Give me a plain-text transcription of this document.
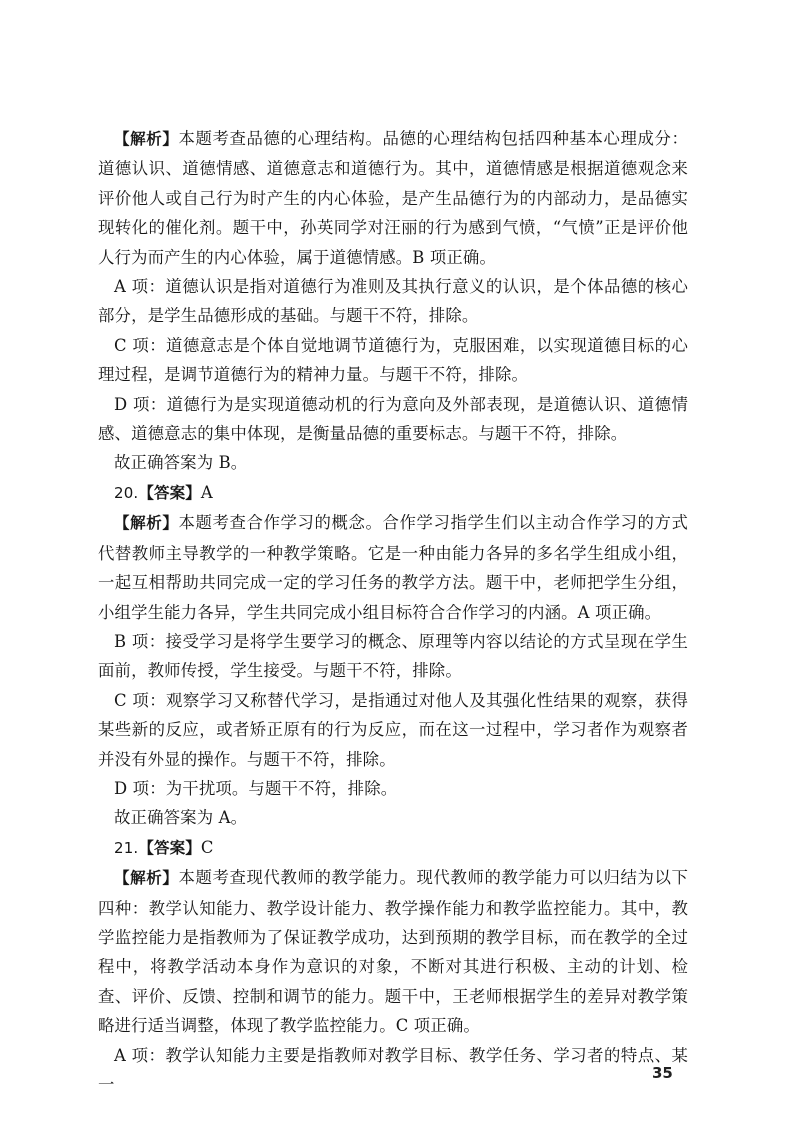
【解析】本题考查品德的心理结构。品德的心理结构包括四种基本心理成分：道德认识、道德情感、道德意志和道德行为。其中，道德情感是根据道德观念来评价他人或自己行为时产生的内心体验，是产生品德行为的内部动力，是品德实现转化的催化剂。题干中，孙英同学对汪丽的行为感到气愤，“气愤”正是评价他人行为而产生的内心体验，属于道德情感。B 项正确。

A 项：道德认识是指对道德行为准则及其执行意义的认识，是个体品德的核心部分，是学生品德形成的基础。与题干不符，排除。

C 项：道德意志是个体自觉地调节道德行为，克服困难，以实现道德目标的心理过程，是调节道德行为的精神力量。与题干不符，排除。

D 项：道德行为是实现道德动机的行为意向及外部表现，是道德认识、道德情感、道德意志的集中体现，是衡量品德的重要标志。与题干不符，排除。

故正确答案为 B。

20.【答案】A

【解析】本题考查合作学习的概念。合作学习指学生们以主动合作学习的方式代替教师主导教学的一种教学策略。它是一种由能力各异的多名学生组成小组，一起互相帮助共同完成一定的学习任务的教学方法。题干中，老师把学生分组，小组学生能力各异，学生共同完成小组目标符合合作学习的内涵。A 项正确。

B 项：接受学习是将学生要学习的概念、原理等内容以结论的方式呈现在学生面前，教师传授，学生接受。与题干不符，排除。

C 项：观察学习又称替代学习，是指通过对他人及其强化性结果的观察，获得某些新的反应，或者矫正原有的行为反应，而在这一过程中，学习者作为观察者并没有外显的操作。与题干不符，排除。

D 项：为干扰项。与题干不符，排除。

故正确答案为 A。

21.【答案】C

【解析】本题考查现代教师的教学能力。现代教师的教学能力可以归结为以下四种：教学认知能力、教学设计能力、教学操作能力和教学监控能力。其中，教学监控能力是指教师为了保证教学成功，达到预期的教学目标，而在教学的全过程中，将教学活动本身作为意识的对象，不断对其进行积极、主动的计划、检查、评价、反馈、控制和调节的能力。题干中，王老师根据学生的差异对教学策略进行适当调整，体现了教学监控能力。C 项正确。

A 项：教学认知能力主要是指教师对教学目标、教学任务、学习者的特点、某一

35
